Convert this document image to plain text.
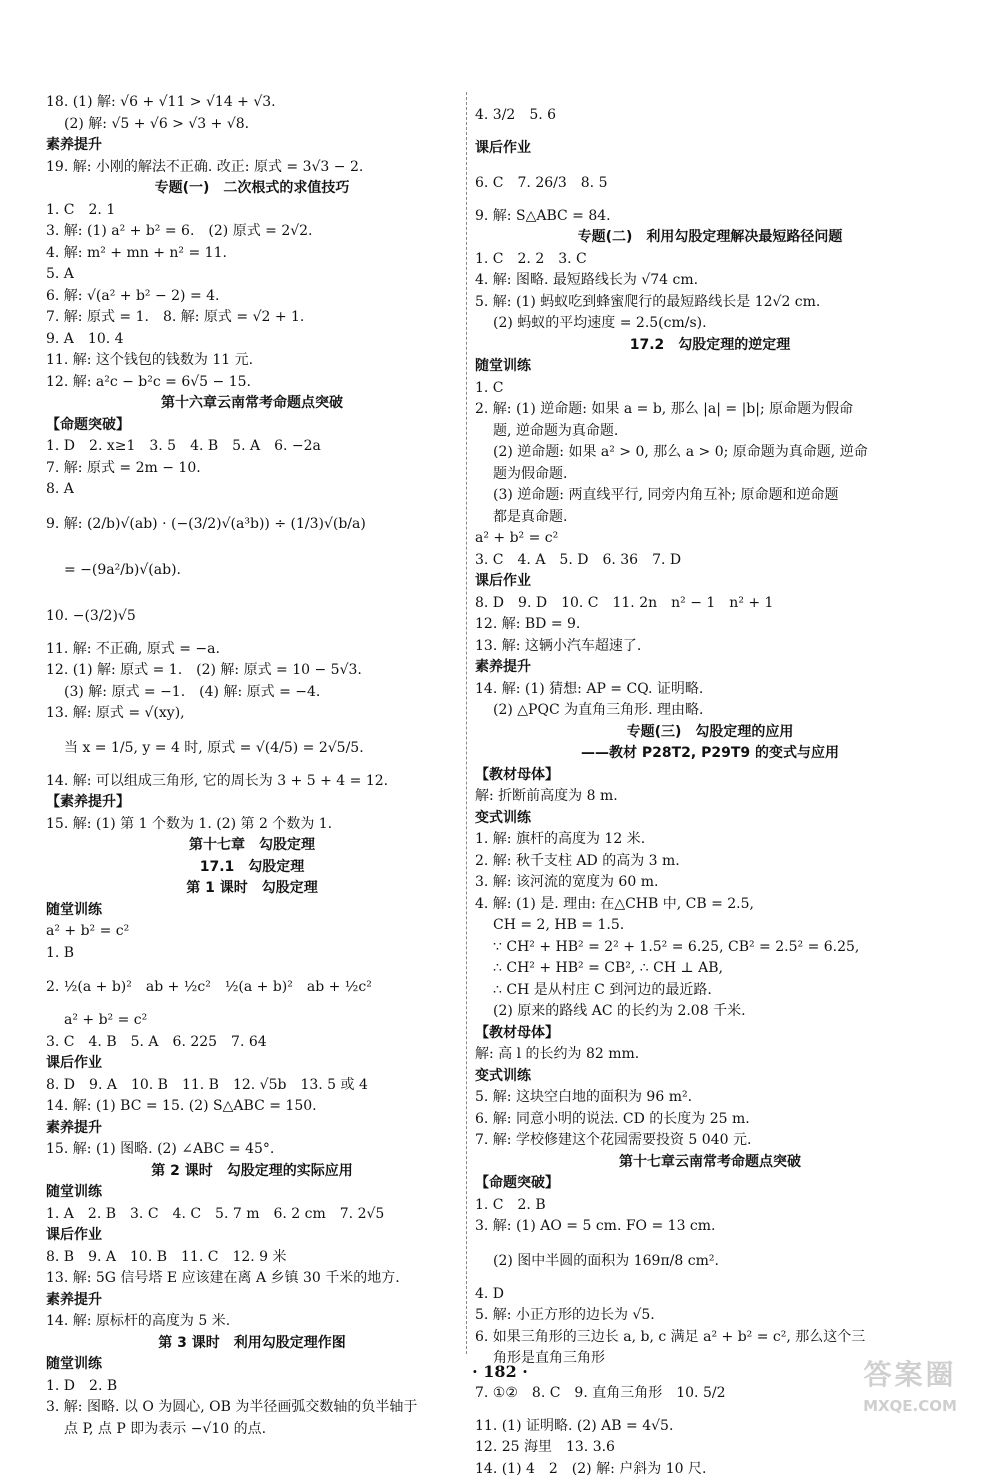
18. (1) 解: √6 + √11 > √14 + √3.
(2) 解: √5 + √6 > √3 + √8.
素养提升
19. 解: 小刚的解法不正确. 改正: 原式 = 3√3 − 2.
专题(一)　二次根式的求值技巧
1. C　2. 1
3. 解: (1) a² + b² = 6.　(2) 原式 = 2√2.
4. 解: m² + mn + n² = 11.
5. A
6. 解: √(a² + b² − 2) = 4.
7. 解: 原式 = 1.　8. 解: 原式 = √2 + 1.
9. A　10. 4
11. 解: 这个钱包的钱数为 11 元.
12. 解: a²c − b²c = 6√5 − 15.
第十六章云南常考命题点突破
【命题突破】
1. D　2. x≥1　3. 5　4. B　5. A　6. −2a
7. 解: 原式 = 2m − 10.
8. A
9. 解: (2/b)√(ab) · (−(3/2)√(a³b)) ÷ (1/3)√(b/a)
= −(9a²/b)√(ab).
10. −(3/2)√5
11. 解: 不正确, 原式 = −a.
12. (1) 解: 原式 = 1.　(2) 解: 原式 = 10 − 5√3.
(3) 解: 原式 = −1.　(4) 解: 原式 = −4.
13. 解: 原式 = √(xy),
当 x = 1/5, y = 4 时, 原式 = √(4/5) = 2√5/5.
14. 解: 可以组成三角形, 它的周长为 3 + 5 + 4 = 12.
【素养提升】
15. 解: (1) 第 1 个数为 1. (2) 第 2 个数为 1.
第十七章　勾股定理
17.1　勾股定理
第 1 课时　勾股定理
随堂训练
a² + b² = c²
1. B
2. ½(a + b)²　ab + ½c²　½(a + b)²　ab + ½c²
a² + b² = c²
3. C　4. B　5. A　6. 225　7. 64
课后作业
8. D　9. A　10. B　11. B　12. √5b　13. 5 或 4
14. 解: (1) BC = 15. (2) S△ABC = 150.
素养提升
15. 解: (1) 图略. (2) ∠ABC = 45°.
第 2 课时　勾股定理的实际应用
随堂训练
1. A　2. B　3. C　4. C　5. 7 m　6. 2 cm　7. 2√5
课后作业
8. B　9. A　10. B　11. C　12. 9 米
13. 解: 5G 信号塔 E 应该建在离 A 乡镇 30 千米的地方.
素养提升
14. 解: 原标杆的高度为 5 米.
第 3 课时　利用勾股定理作图
随堂训练
1. D　2. B
3. 解: 图略. 以 O 为圆心, OB 为半径画弧交数轴的负半轴于
点 P, 点 P 即为表示 −√10 的点.
4. 3/2　5. 6
课后作业
6. C　7. 26/3　8. 5
9. 解: S△ABC = 84.
专题(二)　利用勾股定理解决最短路径问题
1. C　2. 2　3. C
4. 解: 图略. 最短路线长为 √74 cm.
5. 解: (1) 蚂蚁吃到蜂蜜爬行的最短路线长是 12√2 cm.
(2) 蚂蚁的平均速度 = 2.5(cm/s).
17.2　勾股定理的逆定理
随堂训练
1. C
2. 解: (1) 逆命题: 如果 a = b, 那么 |a| = |b|; 原命题为假命
题, 逆命题为真命题.
(2) 逆命题: 如果 a² > 0, 那么 a > 0; 原命题为真命题, 逆命
题为假命题.
(3) 逆命题: 两直线平行, 同旁内角互补; 原命题和逆命题
都是真命题.
a² + b² = c²
3. C　4. A　5. D　6. 36　7. D
课后作业
8. D　9. D　10. C　11. 2n　n² − 1　n² + 1
12. 解: BD = 9.
13. 解: 这辆小汽车超速了.
素养提升
14. 解: (1) 猜想: AP = CQ. 证明略.
(2) △PQC 为直角三角形. 理由略.
专题(三)　勾股定理的应用
——教材 P28T2, P29T9 的变式与应用
【教材母体】
解: 折断前高度为 8 m.
变式训练
1. 解: 旗杆的高度为 12 米.
2. 解: 秋千支柱 AD 的高为 3 m.
3. 解: 该河流的宽度为 60 m.
4. 解: (1) 是. 理由: 在△CHB 中, CB = 2.5,
CH = 2, HB = 1.5.
∵ CH² + HB² = 2² + 1.5² = 6.25, CB² = 2.5² = 6.25,
∴ CH² + HB² = CB², ∴ CH ⊥ AB,
∴ CH 是从村庄 C 到河边的最近路.
(2) 原来的路线 AC 的长约为 2.08 千米.
【教材母体】
解: 高 l 的长约为 82 mm.
变式训练
5. 解: 这块空白地的面积为 96 m².
6. 解: 同意小明的说法. CD 的长度为 25 m.
7. 解: 学校修建这个花园需要投资 5 040 元.
第十七章云南常考命题点突破
【命题突破】
1. C　2. B
3. 解: (1) AO = 5 cm. FO = 13 cm.
(2) 图中半圆的面积为 169π/8 cm².
4. D
5. 解: 小正方形的边长为 √5.
6. 如果三角形的三边长 a, b, c 满足 a² + b² = c², 那么这个三
角形是直角三角形
7. ①②　8. C　9. 直角三角形　10. 5/2
11. (1) 证明略. (2) AB = 4√5.
12. 25 海里　13. 3.6
14. (1) 4　2　(2) 解: 户斜为 10 尺.
· 182 ·	答案圈
MXQE.COM
